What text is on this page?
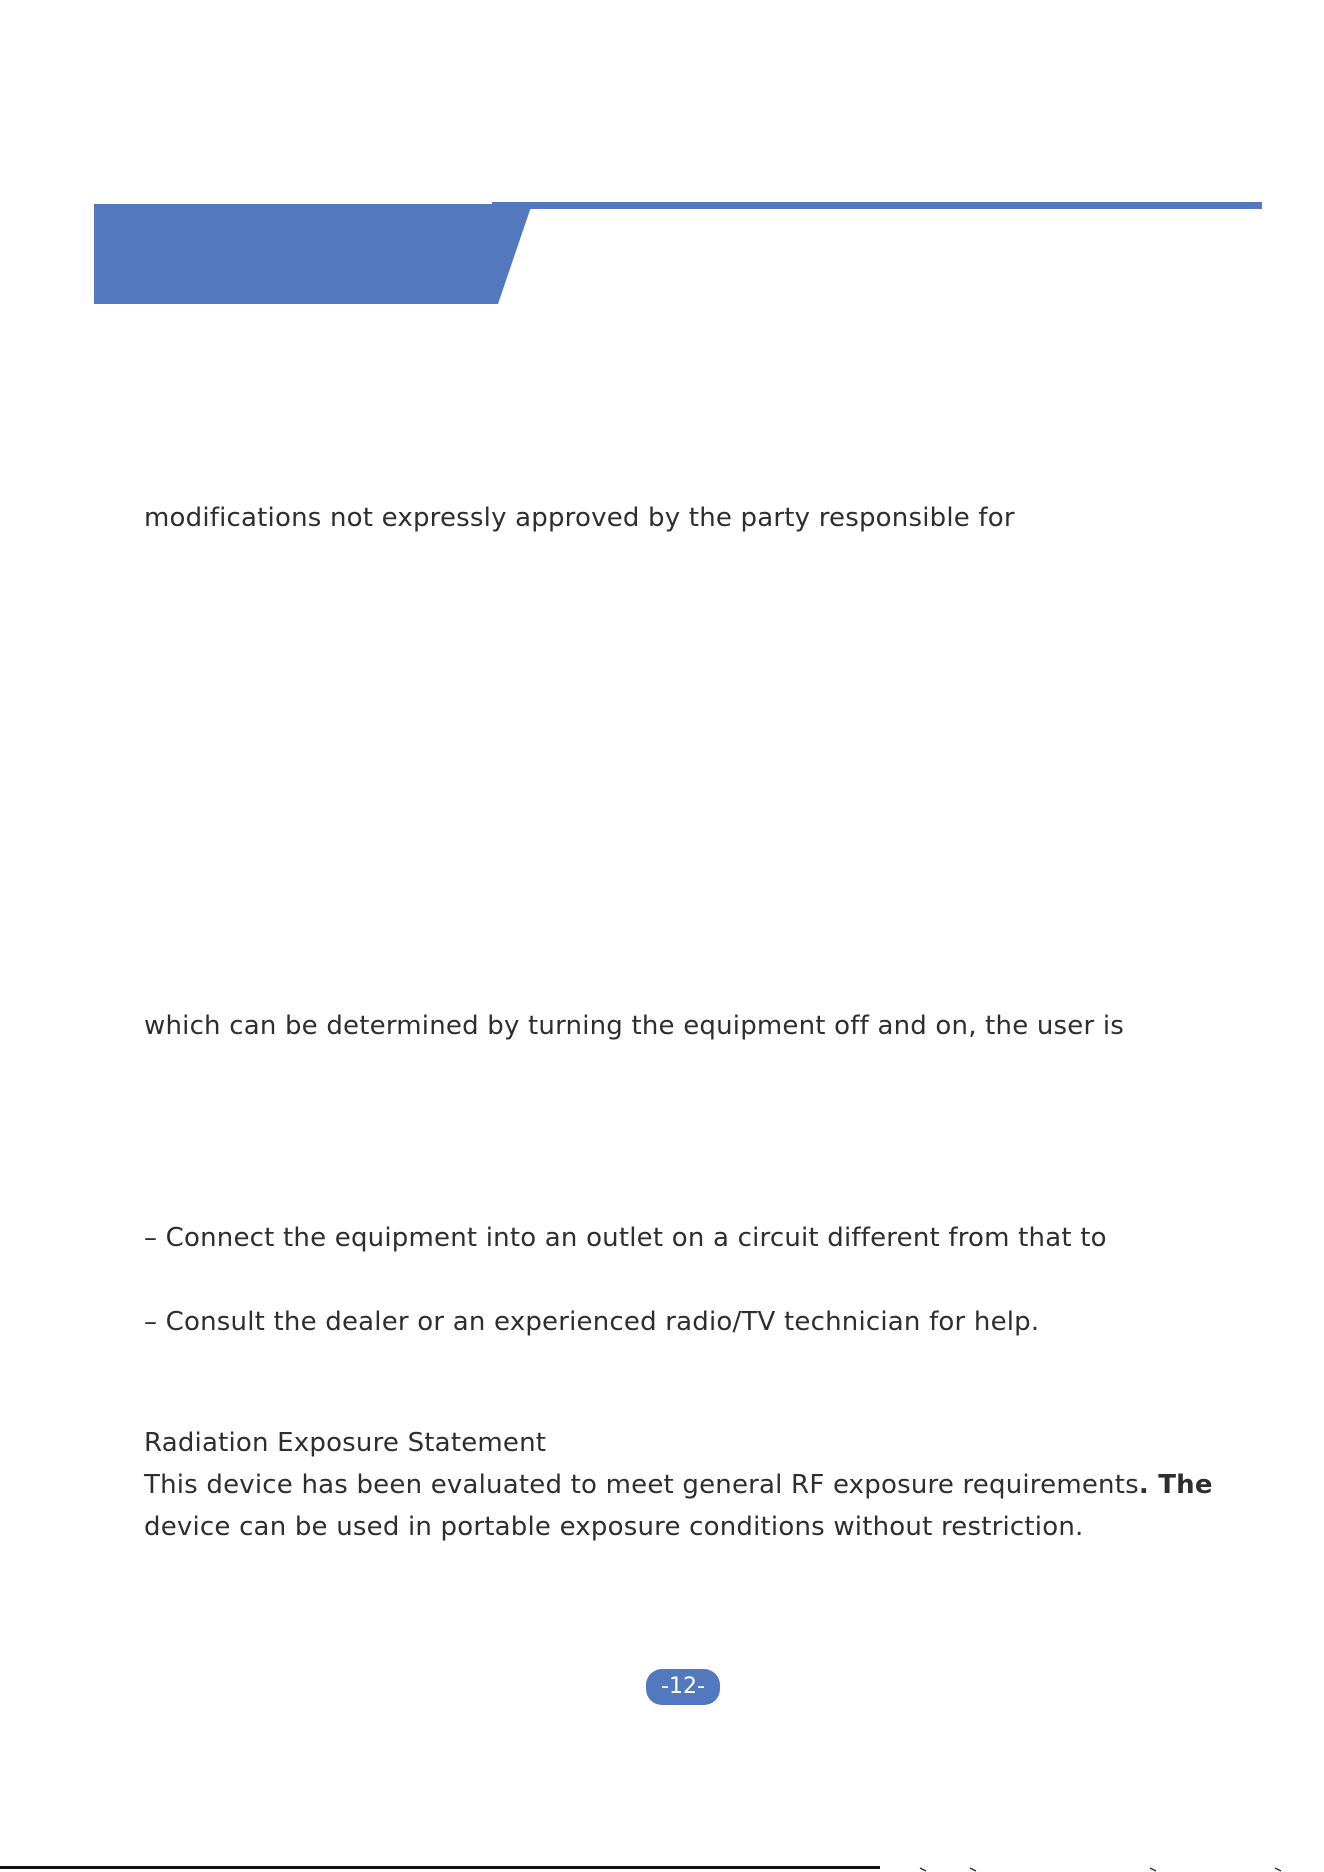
modifications not expressly approved by the party responsible for

which can be determined by turning the equipment off and on, the user is

– Connect the equipment into an outlet on a circuit different from that to

– Consult the dealer or an experienced radio/TV technician for help.

Radiation Exposure Statement

This device has been evaluated to meet general RF exposure requirements. The

device can be used in portable exposure conditions without restriction.

-12-
